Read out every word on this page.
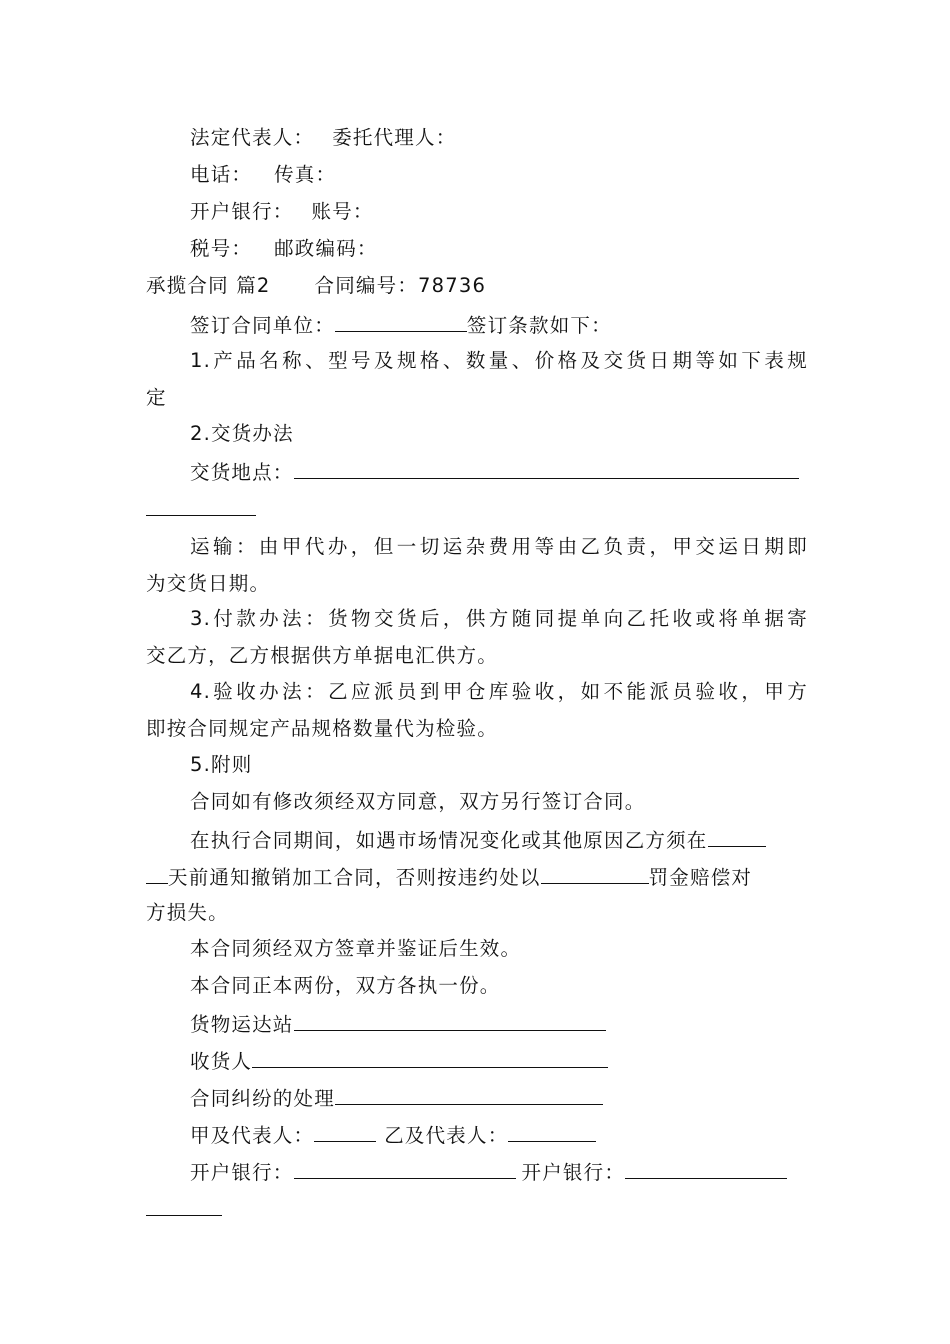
法定代表人： 委托代理人：
电话： 传真：
开户银行： 账号：
税号： 邮政编码：
承揽合同 篇2 合同编号：78736
签订合同单位：	签订条款如下：
1.产品名称、型号及规格、数量、价格及交货日期等如下表规
定
2.交货办法
交货地点：
运输：由甲代办，但一切运杂费用等由乙负责，甲交运日期即
为交货日期。
3.付款办法：货物交货后，供方随同提单向乙托收或将单据寄
交乙方，乙方根据供方单据电汇供方。
4.验收办法：乙应派员到甲仓库验收，如不能派员验收，甲方
即按合同规定产品规格数量代为检验。
5.附则
合同如有修改须经双方同意，双方另行签订合同。
在执行合同期间，如遇市场情况变化或其他原因乙方须在
天前通知撤销加工合同，否则按违约处以	罚金赔偿对
方损失。
本合同须经双方签章并鉴证后生效。
本合同正本两份，双方各执一份。
货物运达站
收货人
合同纠纷的处理
甲及代表人：	乙及代表人：
开户银行：	开户银行：
